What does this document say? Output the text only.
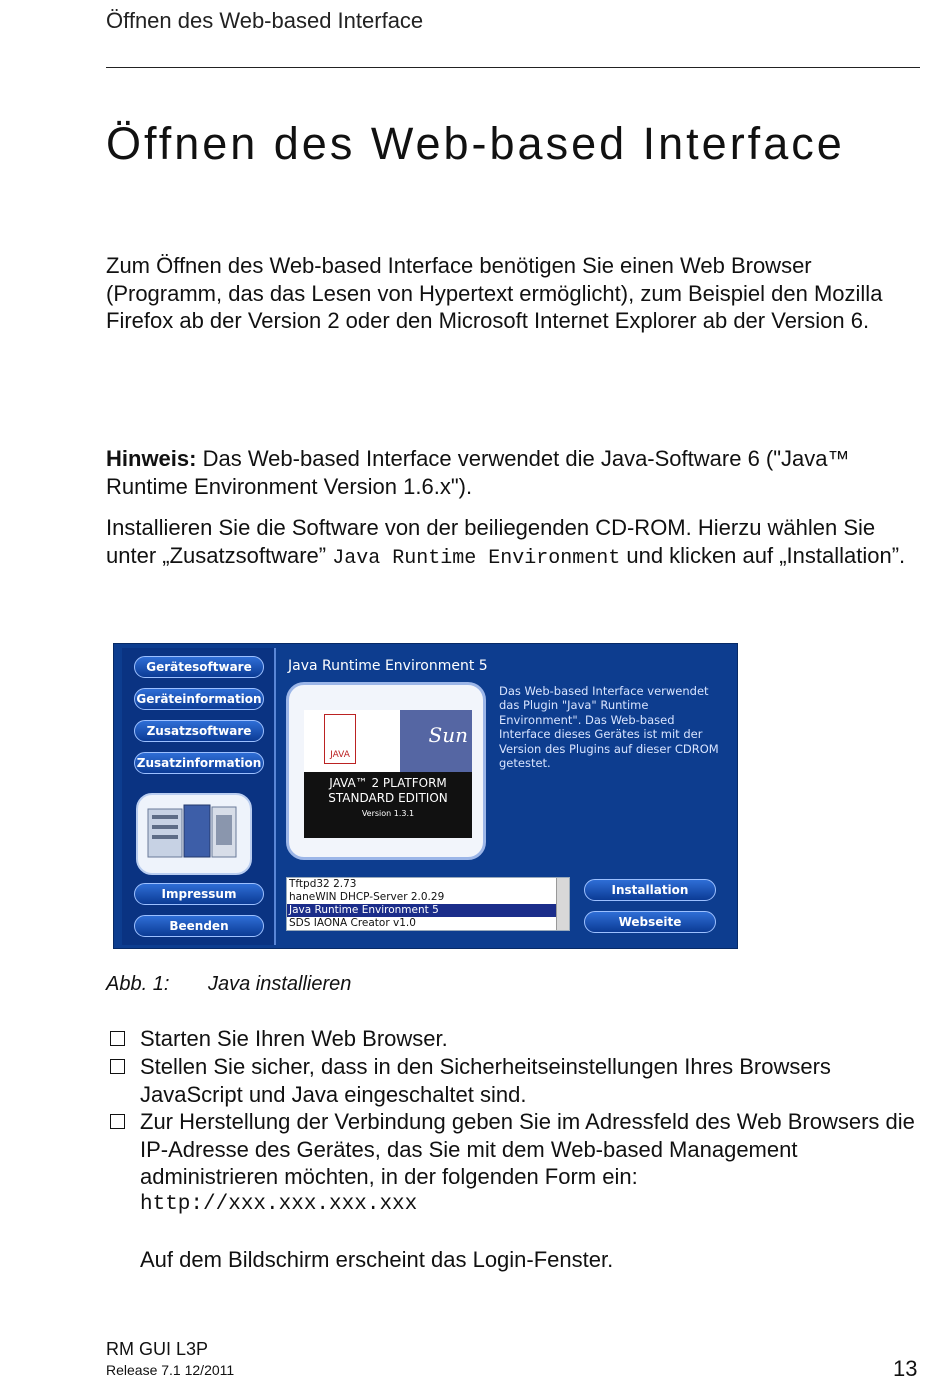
Öffnen des Web-based Interface
Öffnen des Web-based Interface

Zum Öffnen des Web-based Interface benötigen Sie einen Web Browser (Programm, das das Lesen von Hypertext ermöglicht), zum Beispiel den Mozilla Firefox ab der Version 2 oder den Microsoft Internet Explorer ab der Version 6.

Hinweis: Das Web-based Interface verwendet die Java-Software 6 ("Java™ Runtime Environment Version 1.6.x").

Installieren Sie die Software von der beiliegenden CD-ROM. Hierzu wählen Sie unter „Zusatzsoftware” Java Runtime Environment und klicken auf „Installation”.

Gerätesoftware
Geräteinformation
Zusatzsoftware
Zusatzinformation
Impressum
Beenden
Java Runtime Environment 5
JAVA
Sun
JAVA™ 2 PLATFORM
STANDARD EDITION
Version 1.3.1
Das Web-based Interface verwendet das Plugin "Java" Runtime Environment". Das Web-based Interface dieses Gerätes ist mit der Version des Plugins auf dieser CDROM getestet.
Tftpd32 2.73
haneWIN DHCP-Server 2.0.29
Java Runtime Environment 5
SDS IAONA Creator v1.0
Installation
Webseite
Abb. 1: Java installieren

Starten Sie Ihren Web Browser.

Stellen Sie sicher, dass in den Sicherheitseinstellungen Ihres Browsers JavaScript und Java eingeschaltet sind.

Zur Herstellung der Verbindung geben Sie im Adressfeld des Web Browsers die IP-Adresse des Gerätes, das Sie mit dem Web-based Management administrieren möchten, in der folgenden Form ein:

http://xxx.xxx.xxx.xxx

Auf dem Bildschirm erscheint das Login-Fenster.

RM GUI L3P
Release 7.1 12/2011	13
